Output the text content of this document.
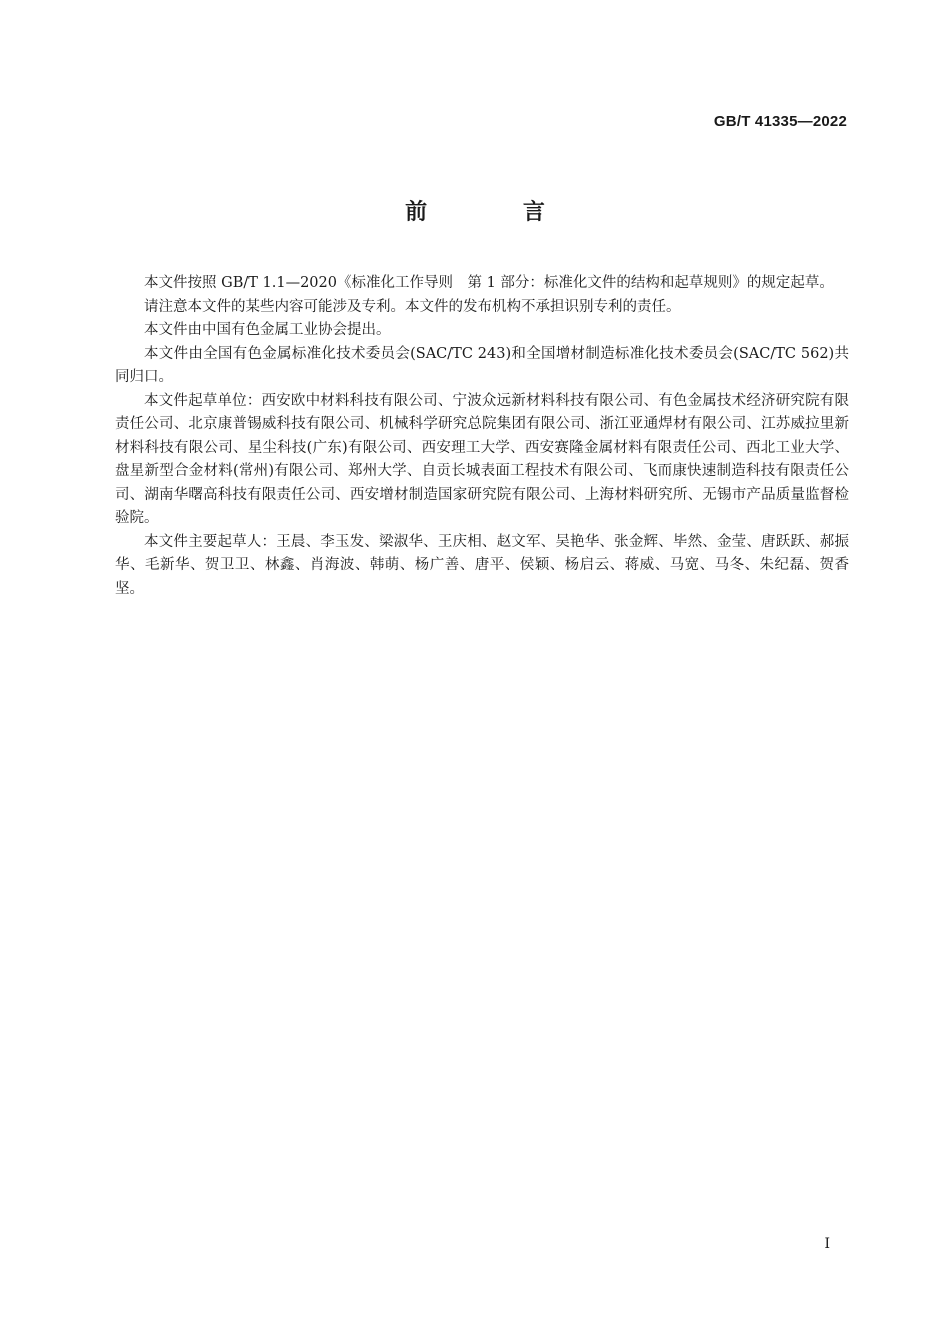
GB/T 41335—2022
前 言

本文件按照 GB/T 1.1—2020《标准化工作导则　第 1 部分：标准化文件的结构和起草规则》的规定起草。

请注意本文件的某些内容可能涉及专利。本文件的发布机构不承担识别专利的责任。

本文件由中国有色金属工业协会提出。

本文件由全国有色金属标准化技术委员会(SAC/TC 243)和全国增材制造标准化技术委员会(SAC/TC 562)共同归口。

本文件起草单位：西安欧中材料科技有限公司、宁波众远新材料科技有限公司、有色金属技术经济研究院有限责任公司、北京康普锡威科技有限公司、机械科学研究总院集团有限公司、浙江亚通焊材有限公司、江苏威拉里新材料科技有限公司、星尘科技(广东)有限公司、西安理工大学、西安赛隆金属材料有限责任公司、西北工业大学、盘星新型合金材料(常州)有限公司、郑州大学、自贡长城表面工程技术有限公司、飞而康快速制造科技有限责任公司、湖南华曙高科技有限责任公司、西安增材制造国家研究院有限公司、上海材料研究所、无锡市产品质量监督检验院。

本文件主要起草人：王晨、李玉发、梁淑华、王庆相、赵文军、吴艳华、张金辉、毕然、金莹、唐跃跃、郝振华、毛新华、贺卫卫、林鑫、肖海波、韩萌、杨广善、唐平、侯颖、杨启云、蒋威、马宽、马冬、朱纪磊、贺香坚。

I
